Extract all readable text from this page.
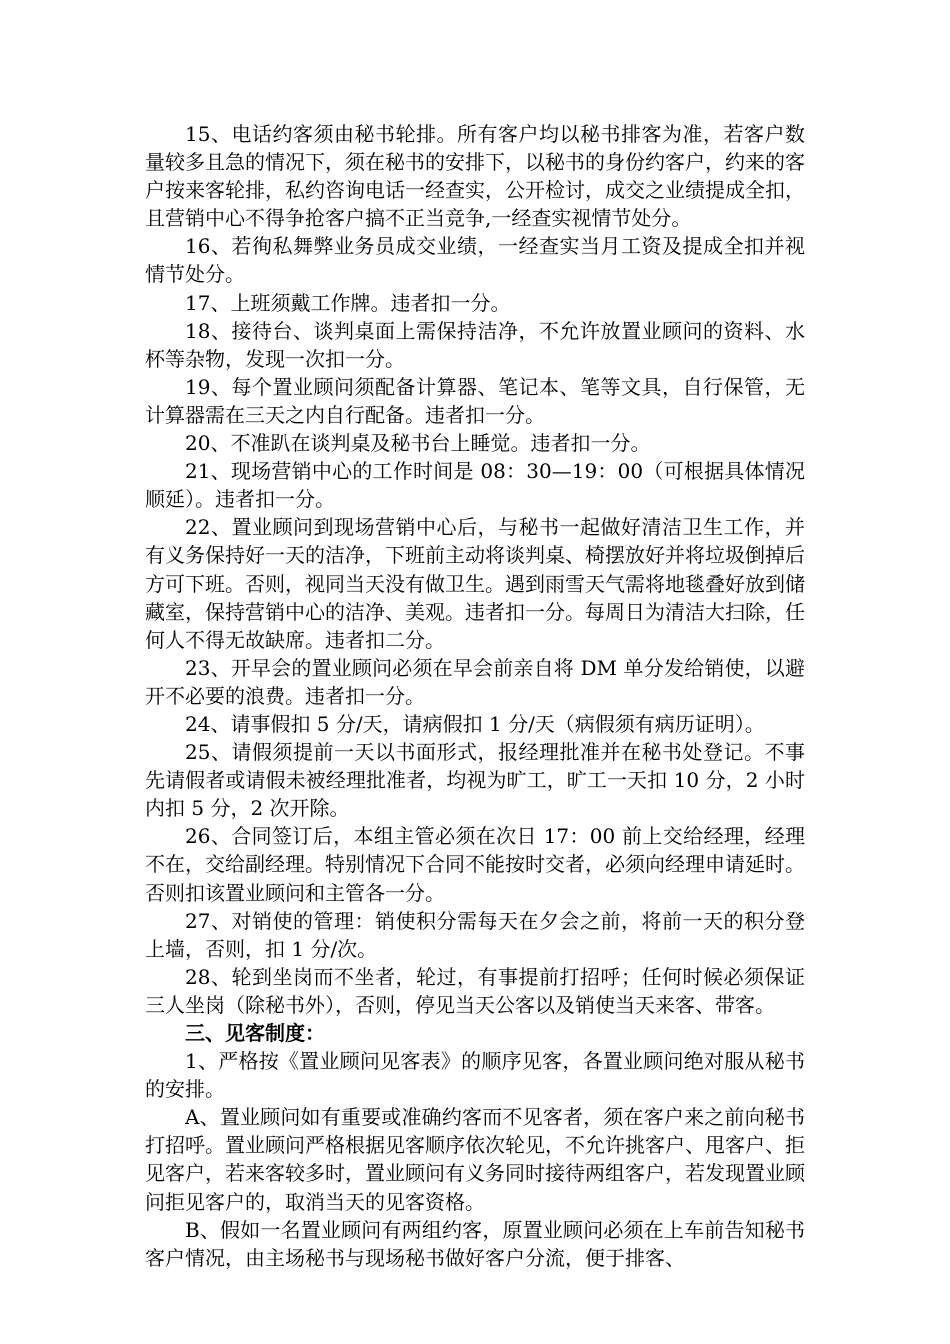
15、电话约客须由秘书轮排。所有客户均以秘书排客为准，若客户数量较多且急的情况下，须在秘书的安排下，以秘书的身份约客户，约来的客户按来客轮排，私约咨询电话一经查实，公开检讨，成交之业绩提成全扣，且营销中心不得争抢客户搞不正当竞争,一经查实视情节处分。

16、若徇私舞弊业务员成交业绩，一经查实当月工资及提成全扣并视情节处分。

17、上班须戴工作牌。违者扣一分。

18、接待台、谈判桌面上需保持洁净，不允许放置业顾问的资料、水杯等杂物，发现一次扣一分。

19、每个置业顾问须配备计算器、笔记本、笔等文具，自行保管，无计算器需在三天之内自行配备。违者扣一分。

20、不准趴在谈判桌及秘书台上睡觉。违者扣一分。

21、现场营销中心的工作时间是 08：30—19：00（可根据具体情况顺延）。违者扣一分。

22、置业顾问到现场营销中心后，与秘书一起做好清洁卫生工作，并有义务保持好一天的洁净，下班前主动将谈判桌、椅摆放好并将垃圾倒掉后方可下班。否则，视同当天没有做卫生。遇到雨雪天气需将地毯叠好放到储藏室，保持营销中心的洁净、美观。违者扣一分。每周日为清洁大扫除，任何人不得无故缺席。违者扣二分。

23、开早会的置业顾问必须在早会前亲自将 DM 单分发给销使，以避开不必要的浪费。违者扣一分。

24、请事假扣 5 分/天，请病假扣 1 分/天（病假须有病历证明）。

25、请假须提前一天以书面形式，报经理批准并在秘书处登记。不事先请假者或请假未被经理批准者，均视为旷工，旷工一天扣 10 分，2 小时内扣 5 分，2 次开除。

26、合同签订后，本组主管必须在次日 17：00 前上交给经理，经理不在，交给副经理。特别情况下合同不能按时交者，必须向经理申请延时。否则扣该置业顾问和主管各一分。

27、对销使的管理：销使积分需每天在夕会之前，将前一天的积分登上墙，否则，扣 1 分/次。

28、轮到坐岗而不坐者，轮过，有事提前打招呼；任何时候必须保证三人坐岗（除秘书外），否则，停见当天公客以及销使当天来客、带客。

三、见客制度：

1、严格按《置业顾问见客表》的顺序见客，各置业顾问绝对服从秘书的安排。

A、置业顾问如有重要或准确约客而不见客者，须在客户来之前向秘书打招呼。置业顾问严格根据见客顺序依次轮见，不允许挑客户、甩客户、拒见客户，若来客较多时，置业顾问有义务同时接待两组客户，若发现置业顾问拒见客户的，取消当天的见客资格。

B、假如一名置业顾问有两组约客，原置业顾问必须在上车前告知秘书客户情况，由主场秘书与现场秘书做好客户分流，便于排客、
